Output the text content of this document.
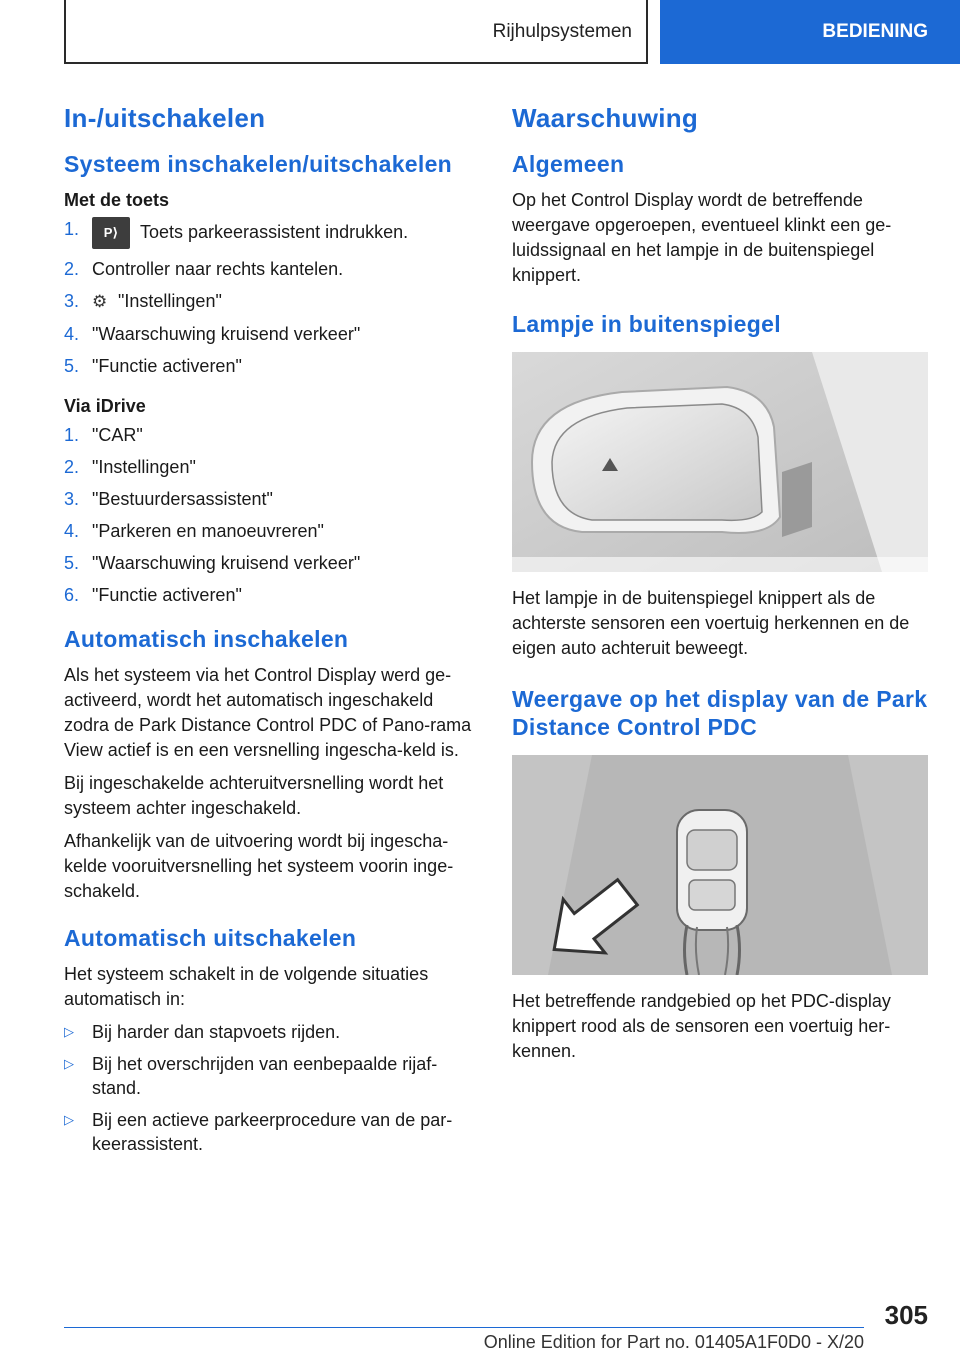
Rijhulpsystemen	BEDIENING
In-/uitschakelen
Systeem inschakelen/uitschakelen
Met de toets
1.	P⟩ Toets parkeerassistent indrukken.
2. Controller naar rechts kantelen.
3. ⚙ "Instellingen"
4. "Waarschuwing kruisend verkeer"
5. "Functie activeren"
Via iDrive
1. "CAR"
2. "Instellingen"
3. "Bestuurdersassistent"
4. "Parkeren en manoeuvreren"
5. "Waarschuwing kruisend verkeer"
6. "Functie activeren"
Automatisch inschakelen

Als het systeem via het Control Display werd ge-activeerd, wordt het automatisch ingeschakeld zodra de Park Distance Control PDC of Pano-rama View actief is en een versnelling ingescha-keld is.

Bij ingeschakelde achteruitversnelling wordt het systeem achter ingeschakeld.

Afhankelijk van de uitvoering wordt bij ingescha-kelde vooruitversnelling het systeem voorin inge-schakeld.

Automatisch uitschakelen

Het systeem schakelt in de volgende situaties automatisch in:

▷	Bij harder dan stapvoets rijden.
▷	Bij het overschrijden van eenbepaalde rijaf-stand.
▷	Bij een actieve parkeerprocedure van de par-keerassistent.
Waarschuwing
Algemeen

Op het Control Display wordt de betreffende weergave opgeroepen, eventueel klinkt een ge-luidssignaal en het lampje in de buitenspiegel knippert.

Lampje in buitenspiegel

Het lampje in de buitenspiegel knippert als de achterste sensoren een voertuig herkennen en de eigen auto achteruit beweegt.

Weergave op het display van de Park Distance Control PDC

Het betreffende randgebied op het PDC-display knippert rood als de sensoren een voertuig her-kennen.

305
Online Edition for Part no. 01405A1F0D0 - X/20
